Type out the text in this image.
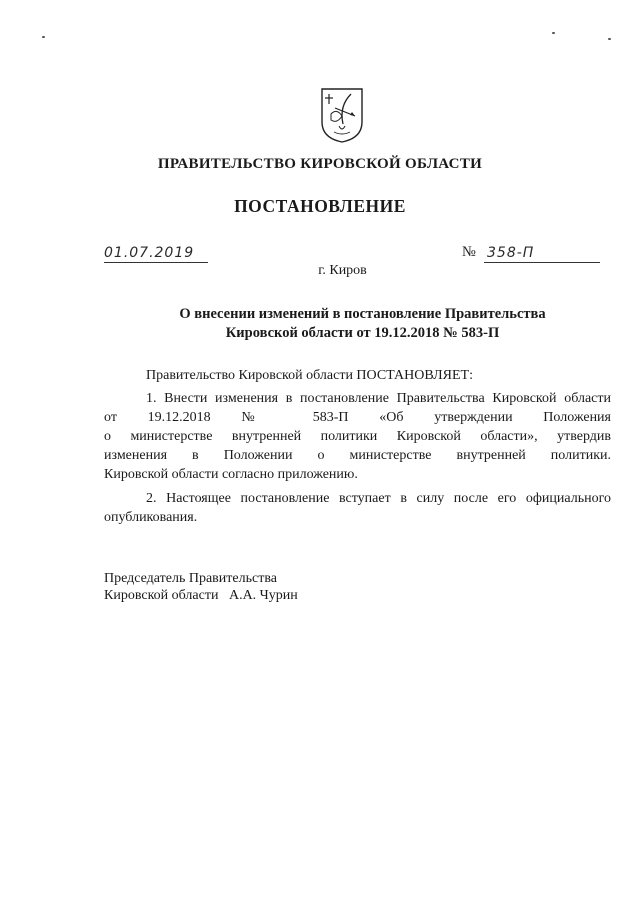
ПРАВИТЕЛЬСТВО КИРОВСКОЙ ОБЛАСТИ
ПОСТАНОВЛЕНИЕ
01.07.2019	№ 358-П
г. Киров
О внесении изменений в постановление Правительства
Кировской области от 19.12.2018 № 583-П
Правительство Кировской области ПОСТАНОВЛЯЕТ:
1. Внести изменения в постановление Правительства Кировской области
от 19.12.2018 № 583-П «Об утверждении Положения
о министерстве внутренней политики Кировской области», утвердив
изменения в Положении о министерстве внутренней политики.
Кировской области согласно приложению.
2. Настоящее постановление вступает в силу после его официального
опубликования.
Председатель Правительства
Кировской области   А.А. Чурин
